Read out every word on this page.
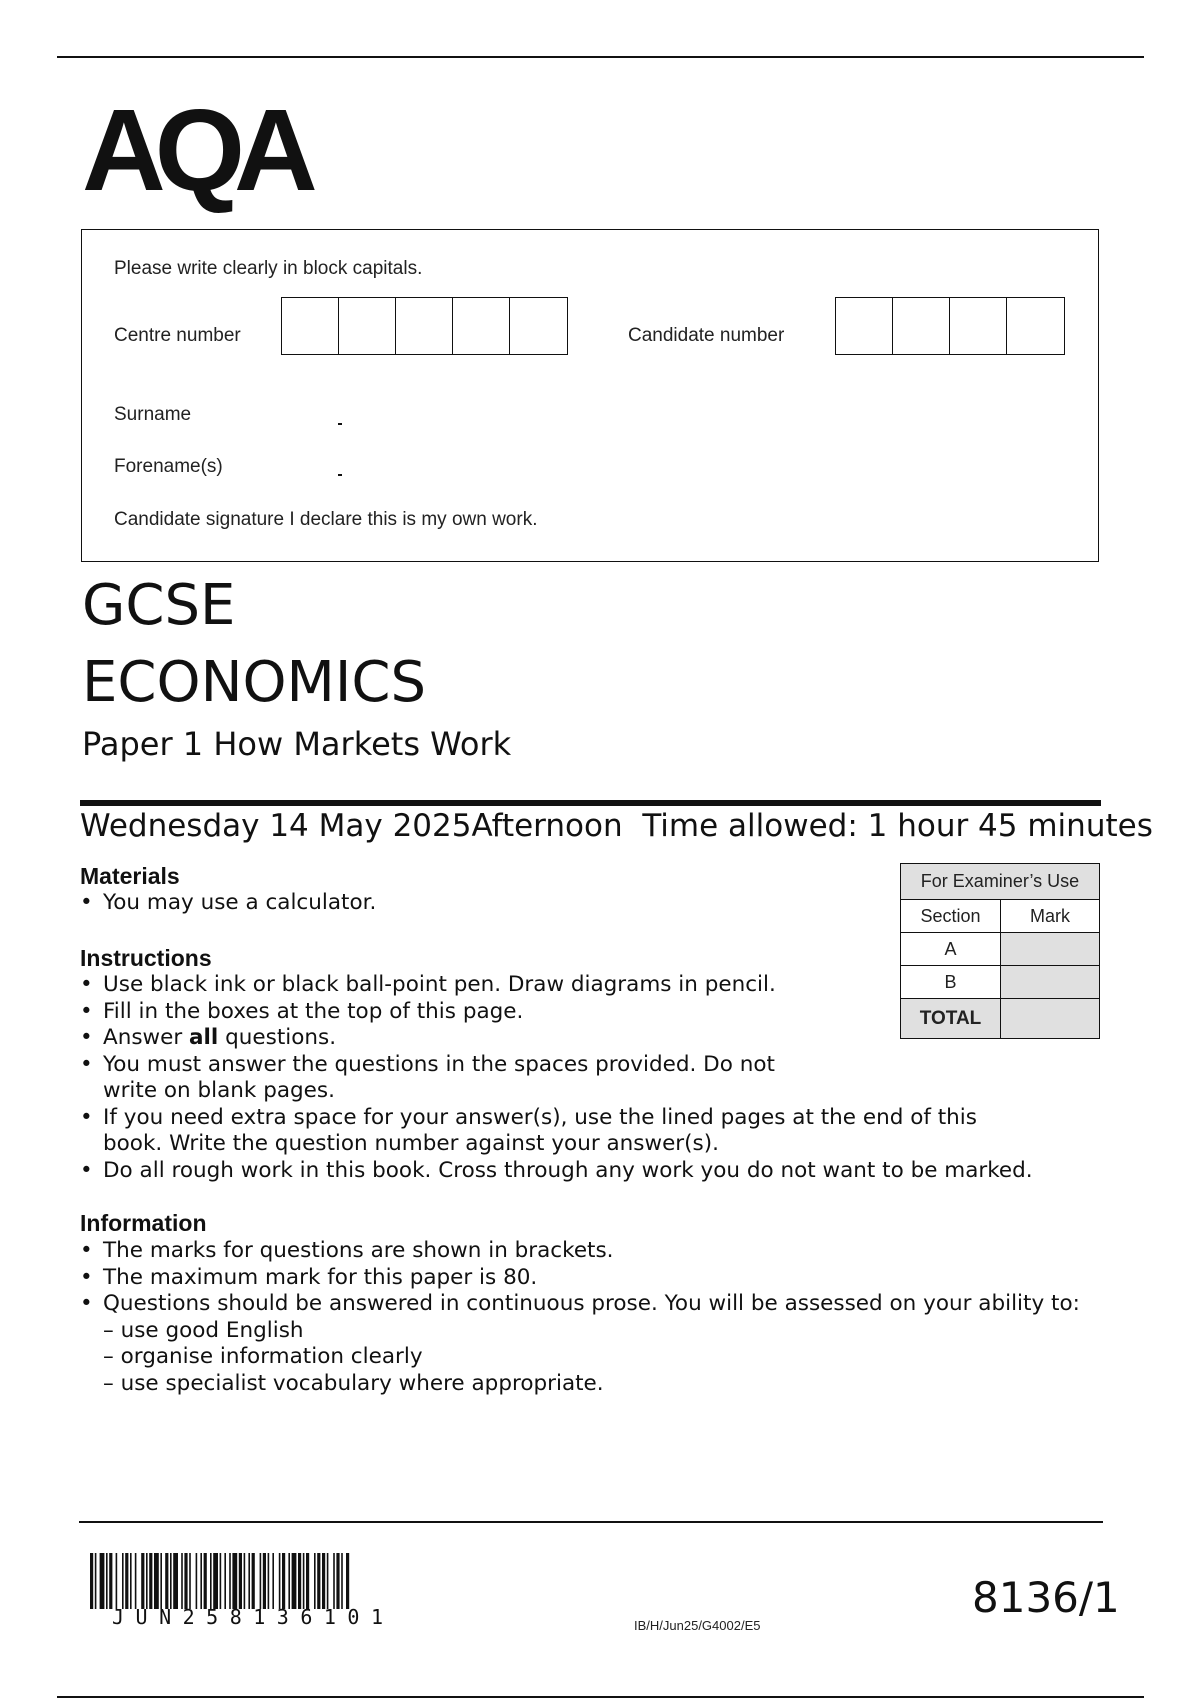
AQA
Please write clearly in block capitals.
Centre number	Candidate number
Surname
Forename(s)
Candidate signature I declare this is my own work.
GCSE
ECONOMICS
Paper 1 How Markets Work
Wednesday 14 May 2025Afternoon Time allowed: 1 hour 45 minutes
Materials
• You may use a calculator.
Instructions
• Use black ink or black ball-point pen. Draw diagrams in pencil.
• Fill in the boxes at the top of this page.
• Answer all questions.
• You must answer the questions in the spaces provided. Do not
write on blank pages.
• If you need extra space for your answer(s), use the lined pages at the end of this
book. Write the question number against your answer(s).
• Do all rough work in this book. Cross through any work you do not want to be marked.
Information
• The marks for questions are shown in brackets.
• The maximum mark for this paper is 80.
• Questions should be answered in continuous prose. You will be assessed on your ability to:
– use good English
– organise information clearly
– use specialist vocabulary where appropriate.
For Examiner’s Use	
Section	Mark
A	
B	
TOTAL	
JUN258136101	IB/H/Jun25/G4002/E5
8136/1
